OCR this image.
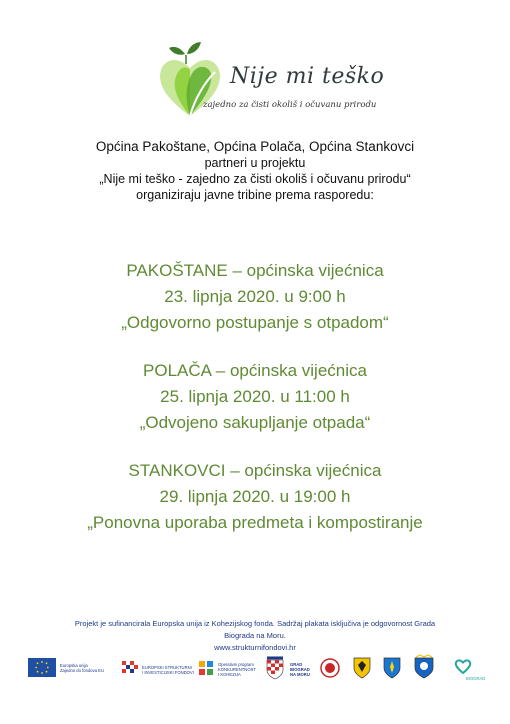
Nije mi teško
zajedno za čisti okoliš i očuvanu prirodu
Općina Pakoštane, Općina Polača, Općina Stankovci
partneri u projektu
„Nije mi teško - zajedno za čisti okoliš i očuvanu prirodu“
organiziraju javne tribine prema rasporedu:
PAKOŠTANE – općinska vijećnica
23. lipnja 2020. u 9:00 h
„Odgovorno postupanje s otpadom“
POLAČA – općinska vijećnica
25. lipnja 2020. u 11:00 h
„Odvojeno sakupljanje otpada“
STANKOVCI – općinska vijećnica
29. lipnja 2020. u 19:00 h
„Ponovna uporaba predmeta i kompostiranje
Projekt je sufinancirala Europska unija iz Kohezijskog fonda. Sadržaj plakata isključiva je odgovornost Grada
Biograda na Moru.
www.strukturnifondovi.hr
Europska unija
Zajedno do fondova EU
EUROPSKI STRUKTURNI
I INVESTICIJSKI FONDOVI
Operativni program
KONKURENTNOST
I KOHEZIJA
GRAD
BIOGRAD
NA MORU
BIOGRAD
